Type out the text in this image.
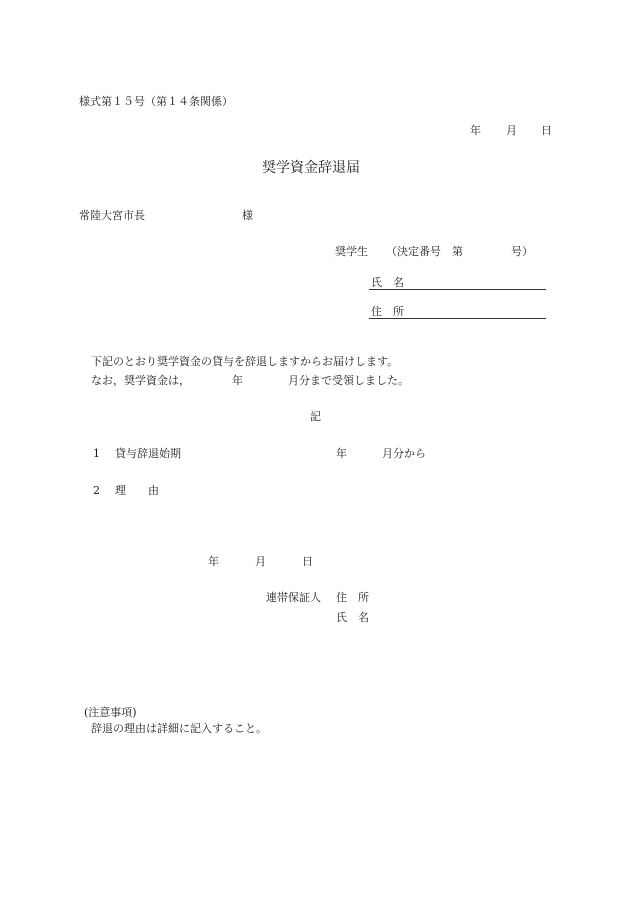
様式第１５号（第１４条関係）
年 月 日
奨学資金辞退届
常陸大宮市長	様
奨学生 （決定番号　第	号）
氏　名
住　所
下記のとおり奨学資金の貸与を辞退しますからお届けします。
なお，奨学資金は，	年	月分まで受領しました。
記
1 貸与辞退始期	年	月分から
2 理　　由
年	月	日
連帯保証人 住　所
氏　名
(注意事項)
辞退の理由は詳細に記入すること。
